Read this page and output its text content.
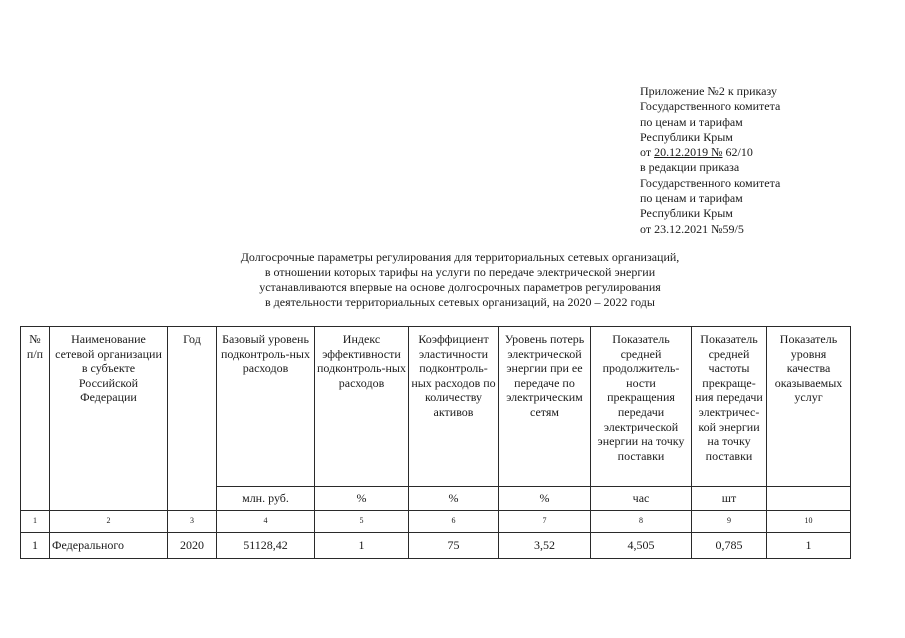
Приложение №2 к приказу
Государственного комитета
по ценам и тарифам
Республики Крым
от 20.12.2019 № 62/10
в редакции приказа
Государственного комитета
по ценам и тарифам
Республики Крым
от 23.12.2021 №59/5
Долгосрочные параметры регулирования для территориальных сетевых организаций,
в отношении которых тарифы на услуги по передаче электрической энергии
устанавливаются впервые на основе долгосрочных параметров регулирования
в деятельности территориальных сетевых организаций, на 2020 – 2022 годы
№ п/п	Наименование сетевой организации в субъекте Российской Федерации	Год	Базовый уровень подконтроль-ных расходов	Индекс эффективности подконтроль-ных расходов	Коэффициент эластичности подконтроль-ных расходов по количеству активов	Уровень потерь электрической энергии при ее передаче по электрическим сетям	Показатель средней продолжитель-ности прекращения передачи электрической энергии на точку поставки	Показатель средней частоты прекраще-ния передачи электричес-кой энергии на точку поставки	Показатель уровня качества оказываемых услуг
			млн. руб.	%	%	%	час	шт	
1	2	3	4	5	6	7	8	9	10
1	Федерального	2020	51128,42	1	75	3,52	4,505	0,785	1
